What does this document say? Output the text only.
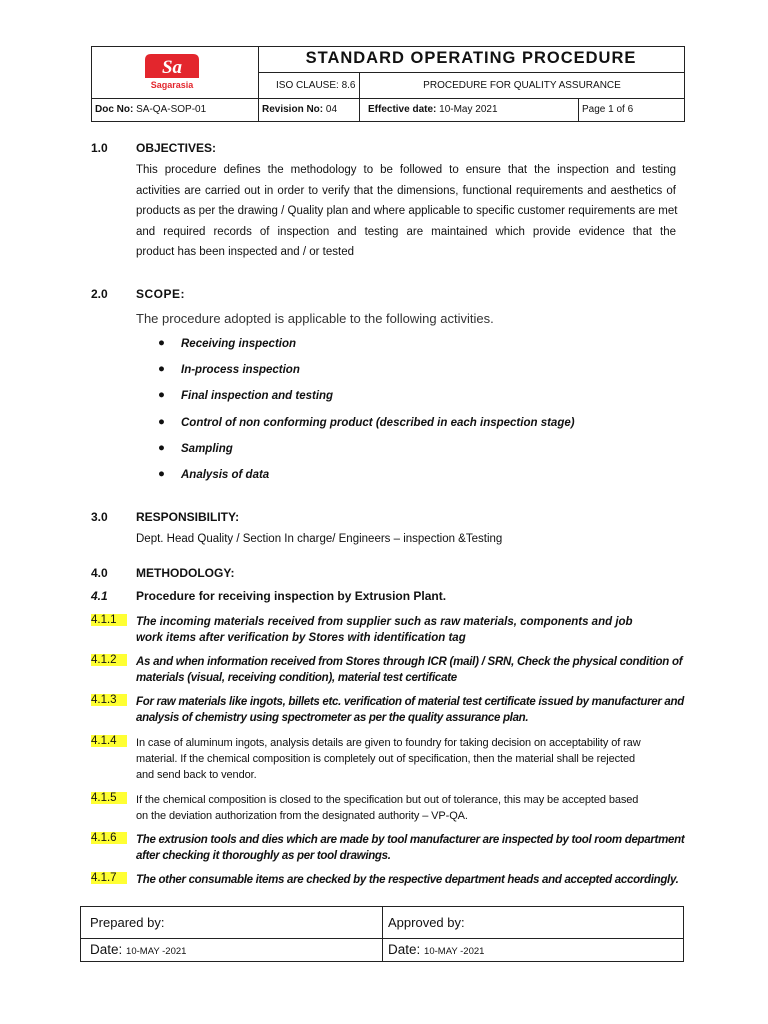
Sa
Sagarasia
STANDARD OPERATING PROCEDURE
ISO CLAUSE: 8.6	PROCEDURE FOR QUALITY ASSURANCE
Doc No: SA-QA-SOP-01	Revision No: 04	Effective date: 10-May 2021	Page 1 of 6
1.0 OBJECTIVES:
This procedure defines the methodology to be followed to ensure that the inspection and testing
activities are carried out in order to verify that the dimensions, functional requirements and aesthetics of
products as per the drawing / Quality plan and where applicable to specific customer requirements are met
and required records of inspection and testing are maintained which provide evidence that the
product has been inspected and / or tested
2.0 SCOPE:
The procedure adopted is applicable to the following activities.
● Receiving inspection
● In-process inspection
● Final inspection and testing
● Control of non conforming product (described in each inspection stage)
● Sampling
● Analysis of data
3.0 RESPONSIBILITY:
Dept. Head Quality / Section In charge/ Engineers – inspection &Testing
4.0 METHODOLOGY:
4.1 Procedure for receiving inspection by Extrusion Plant.
4.1.1	The incoming materials received from supplier such as raw materials, components and job
work items after verification by Stores with identification tag
4.1.2	As and when information received from Stores through ICR (mail) / SRN, Check the physical condition of
materials (visual, receiving condition), material test certificate
4.1.3	For raw materials like ingots, billets etc. verification of material test certificate issued by manufacturer and
analysis of chemistry using spectrometer as per the quality assurance plan.
4.1.4	In case of aluminum ingots, analysis details are given to foundry for taking decision on acceptability of raw
material. If the chemical composition is completely out of specification, then the material shall be rejected
and send back to vendor.
4.1.5	If the chemical composition is closed to the specification but out of tolerance, this may be accepted based
on the deviation authorization from the designated authority – VP-QA.
4.1.6	The extrusion tools and dies which are made by tool manufacturer are inspected by tool room department
after checking it thoroughly as per tool drawings.
4.1.7	The other consumable items are checked by the respective department heads and accepted accordingly.
Prepared by:	Approved by:
Date: 10-MAY -2021	Date: 10-MAY -2021
